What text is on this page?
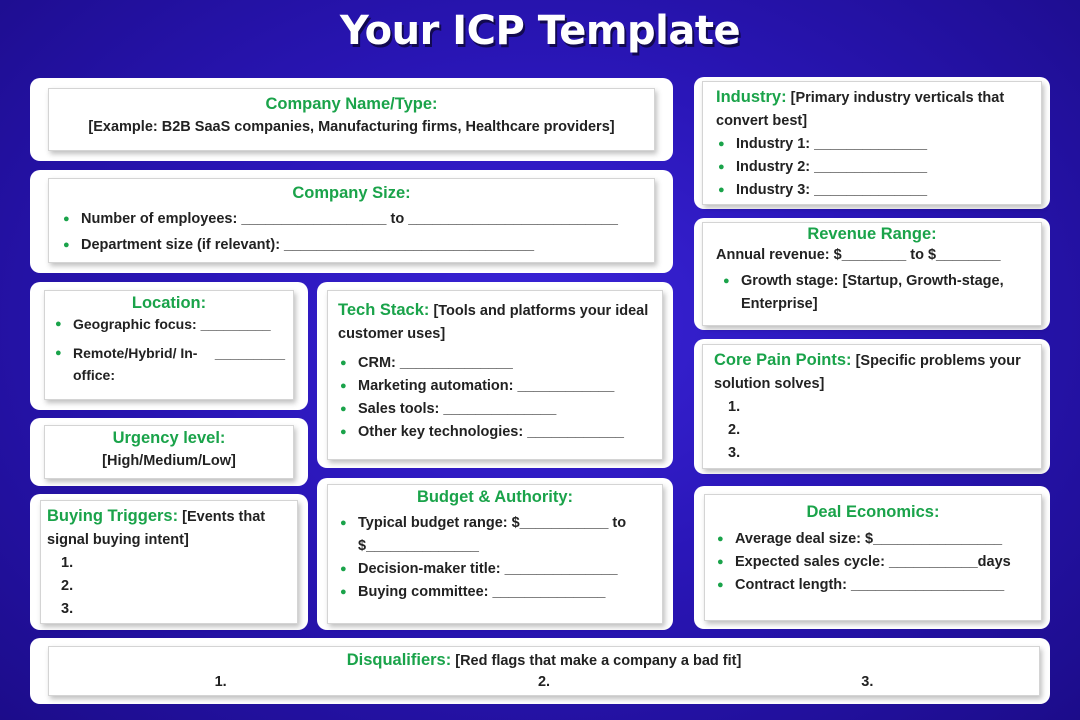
Your ICP Template
Company Name/Type:
[Example: B2B SaaS companies, Manufacturing firms, Healthcare providers]
Company Size:
● Number of employees: __________________ to __________________________
● Department size (if relevant): _______________________________
Location:
● Geographic focus: _________
● Remote/Hybrid/ In-office:
_________
Urgency level:
[High/Medium/Low]
Buying Triggers: [Events that signal buying intent]
1.
2.
3.
Tech Stack: [Tools and platforms your ideal customer uses]
● CRM: ______________
● Marketing automation: ____________
● Sales tools: ______________
● Other key technologies: ____________
Budget & Authority:
● Typical budget range: $___________ to $______________
● Decision-maker title: ______________
● Buying committee: ______________
Industry: [Primary industry verticals that convert best]
● Industry 1: ______________
● Industry 2: ______________
● Industry 3: ______________
Revenue Range:
Annual revenue: $________ to $________
● Growth stage: [Startup, Growth-stage, Enterprise]
Core Pain Points: [Specific problems your solution solves]
1.
2.
3.
Deal Economics:
● Average deal size: $________________
● Expected sales cycle: ___________days
● Contract length: ___________________
Disqualifiers: [Red flags that make a company a bad fit]
1.	2.	3.
